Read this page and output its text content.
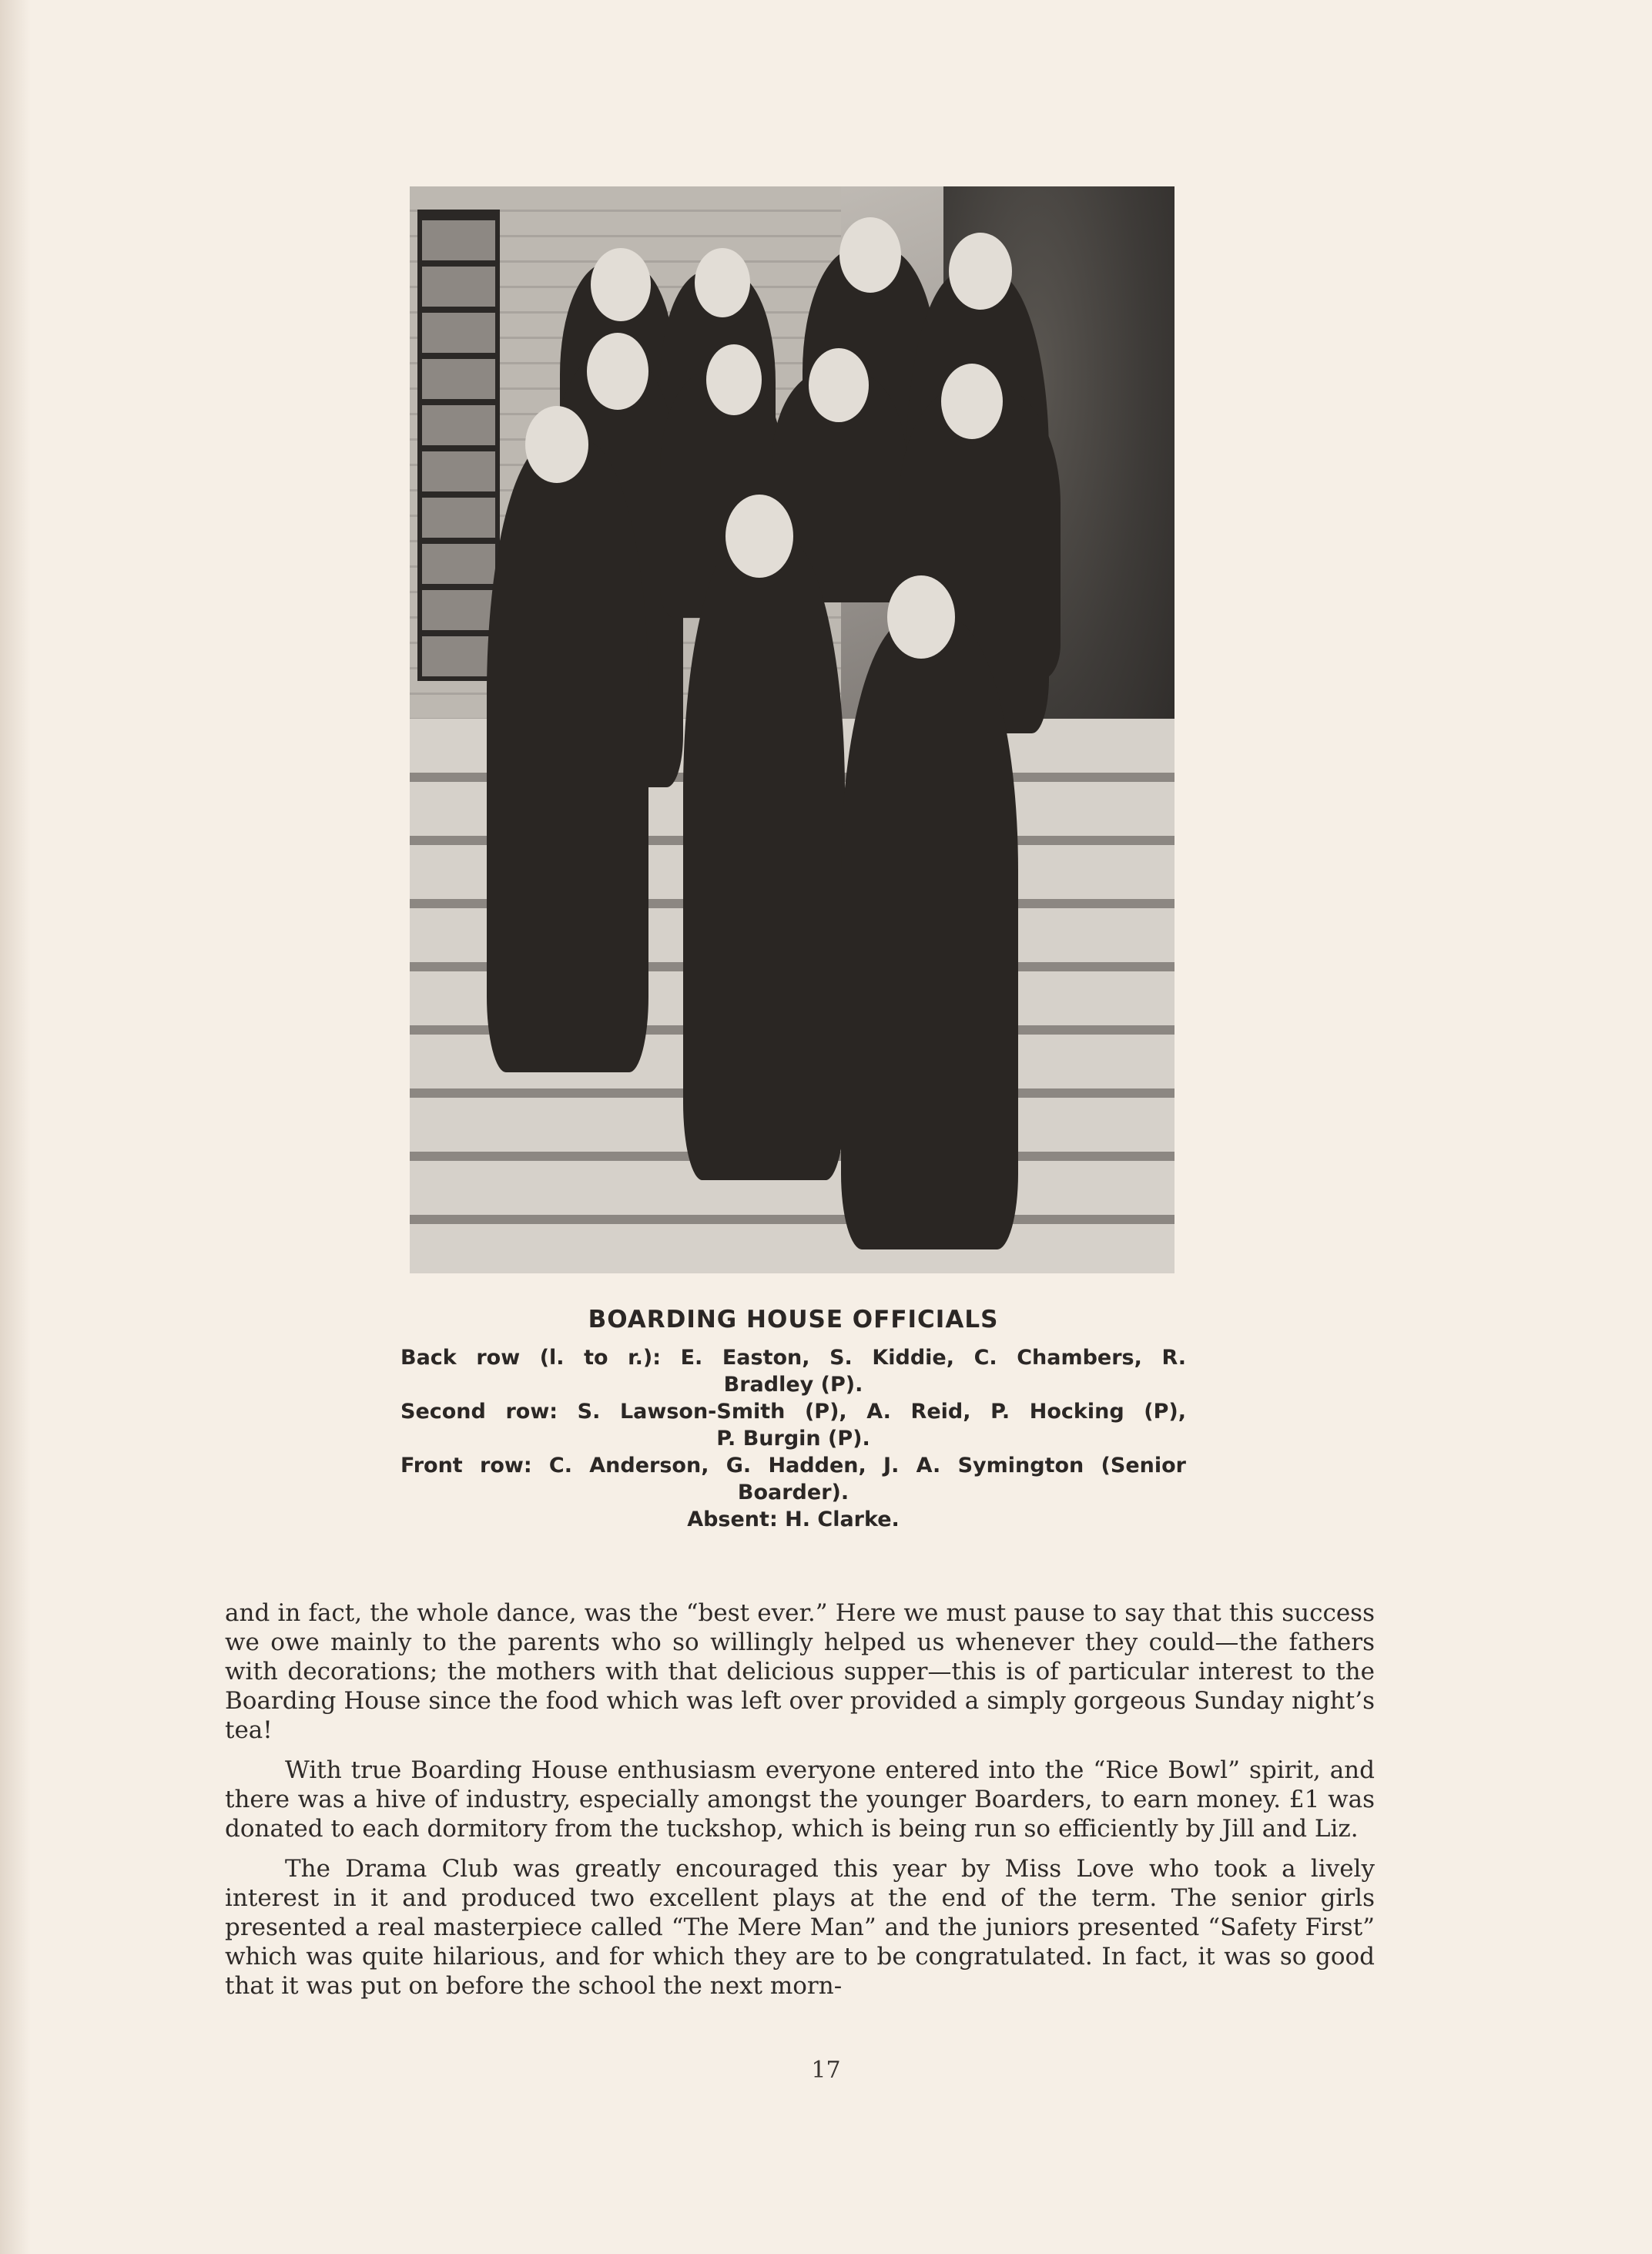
BOARDING HOUSE OFFICIALS
Back row (l. to r.): E. Easton, S. Kiddie, C. Chambers, R.
Bradley (P).
Second row: S. Lawson-Smith (P), A. Reid, P. Hocking (P),
P. Burgin (P).
Front row: C. Anderson, G. Hadden, J. A. Symington (Senior
Boarder).
Absent: H. Clarke.

and in fact, the whole dance, was the “best ever.” Here we must pause to say that this success we owe mainly to the parents who so willingly helped us whenever they could—the fathers with decorations; the mothers with that delicious supper—this is of particular interest to the Boarding House since the food which was left over provided a simply gorgeous Sunday night’s tea!

With true Boarding House enthusiasm everyone entered into the “Rice Bowl” spirit, and there was a hive of industry, especially amongst the younger Boarders, to earn money. £1 was donated to each dormitory from the tuckshop, which is being run so efficiently by Jill and Liz.

The Drama Club was greatly encouraged this year by Miss Love who took a lively interest in it and produced two excellent plays at the end of the term. The senior girls presented a real masterpiece called “The Mere Man” and the juniors presented “Safety First” which was quite hilarious, and for which they are to be congratulated. In fact, it was so good that it was put on before the school the next morn-

17
